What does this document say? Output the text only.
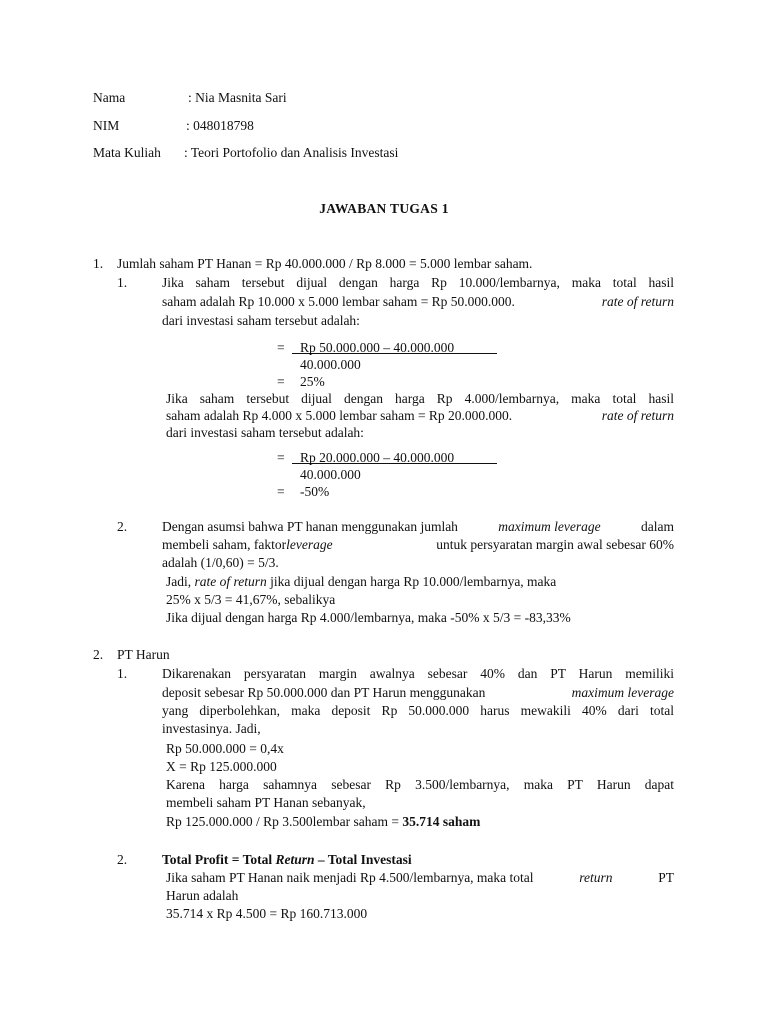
Nama	: Nia Masnita Sari
NIM	: 048018798
Mata Kuliah : Teori Portofolio dan Analisis Investasi
JAWABAN TUGAS 1
1. Jumlah saham PT Hanan = Rp 40.000.000 / Rp 8.000 = 5.000 lembar saham.
1.	Jika saham tersebut dijual dengan harga Rp 10.000/lembarnya, maka total hasil
saham adalah Rp 10.000 x 5.000 lembar saham = Rp 50.000.000.	rate of return
dari investasi saham tersebut adalah:
= Rp 50.000.000 – 40.000.000
40.000.000
= 25%
Jika saham tersebut dijual dengan harga Rp 4.000/lembarnya, maka total hasil
saham adalah Rp 4.000 x 5.000 lembar saham = Rp 20.000.000.	rate of return
dari investasi saham tersebut adalah:
= Rp 20.000.000 – 40.000.000
40.000.000
= -50%
2.	Dengan asumsi bahwa PT hanan menggunakan jumlah	maximum leverage	dalam
membeli saham, faktorleverage	untuk persyaratan margin awal sebesar 60%
adalah (1/0,60) = 5/3.
Jadi, rate of return jika dijual dengan harga Rp 10.000/lembarnya, maka
25% x 5/3 = 41,67%, sebalikya
Jika dijual dengan harga Rp 4.000/lembarnya, maka -50% x 5/3 = -83,33%
2. PT Harun
1.	Dikarenakan persyaratan margin awalnya sebesar 40% dan PT Harun memiliki
deposit sebesar Rp 50.000.000 dan PT Harun menggunakan	maximum leverage
yang diperbolehkan, maka deposit Rp 50.000.000 harus mewakili 40% dari total
investasinya. Jadi,
Rp 50.000.000 = 0,4x
X = Rp 125.000.000
Karena harga sahamnya sebesar Rp 3.500/lembarnya, maka PT Harun dapat
membeli saham PT Hanan sebanyak,
Rp 125.000.000 / Rp 3.500lembar saham = 35.714 saham
2.	Total Profit = Total Return – Total Investasi
Jika saham PT Hanan naik menjadi Rp 4.500/lembarnya, maka total	return	PT
Harun adalah
35.714 x Rp 4.500 = Rp 160.713.000
